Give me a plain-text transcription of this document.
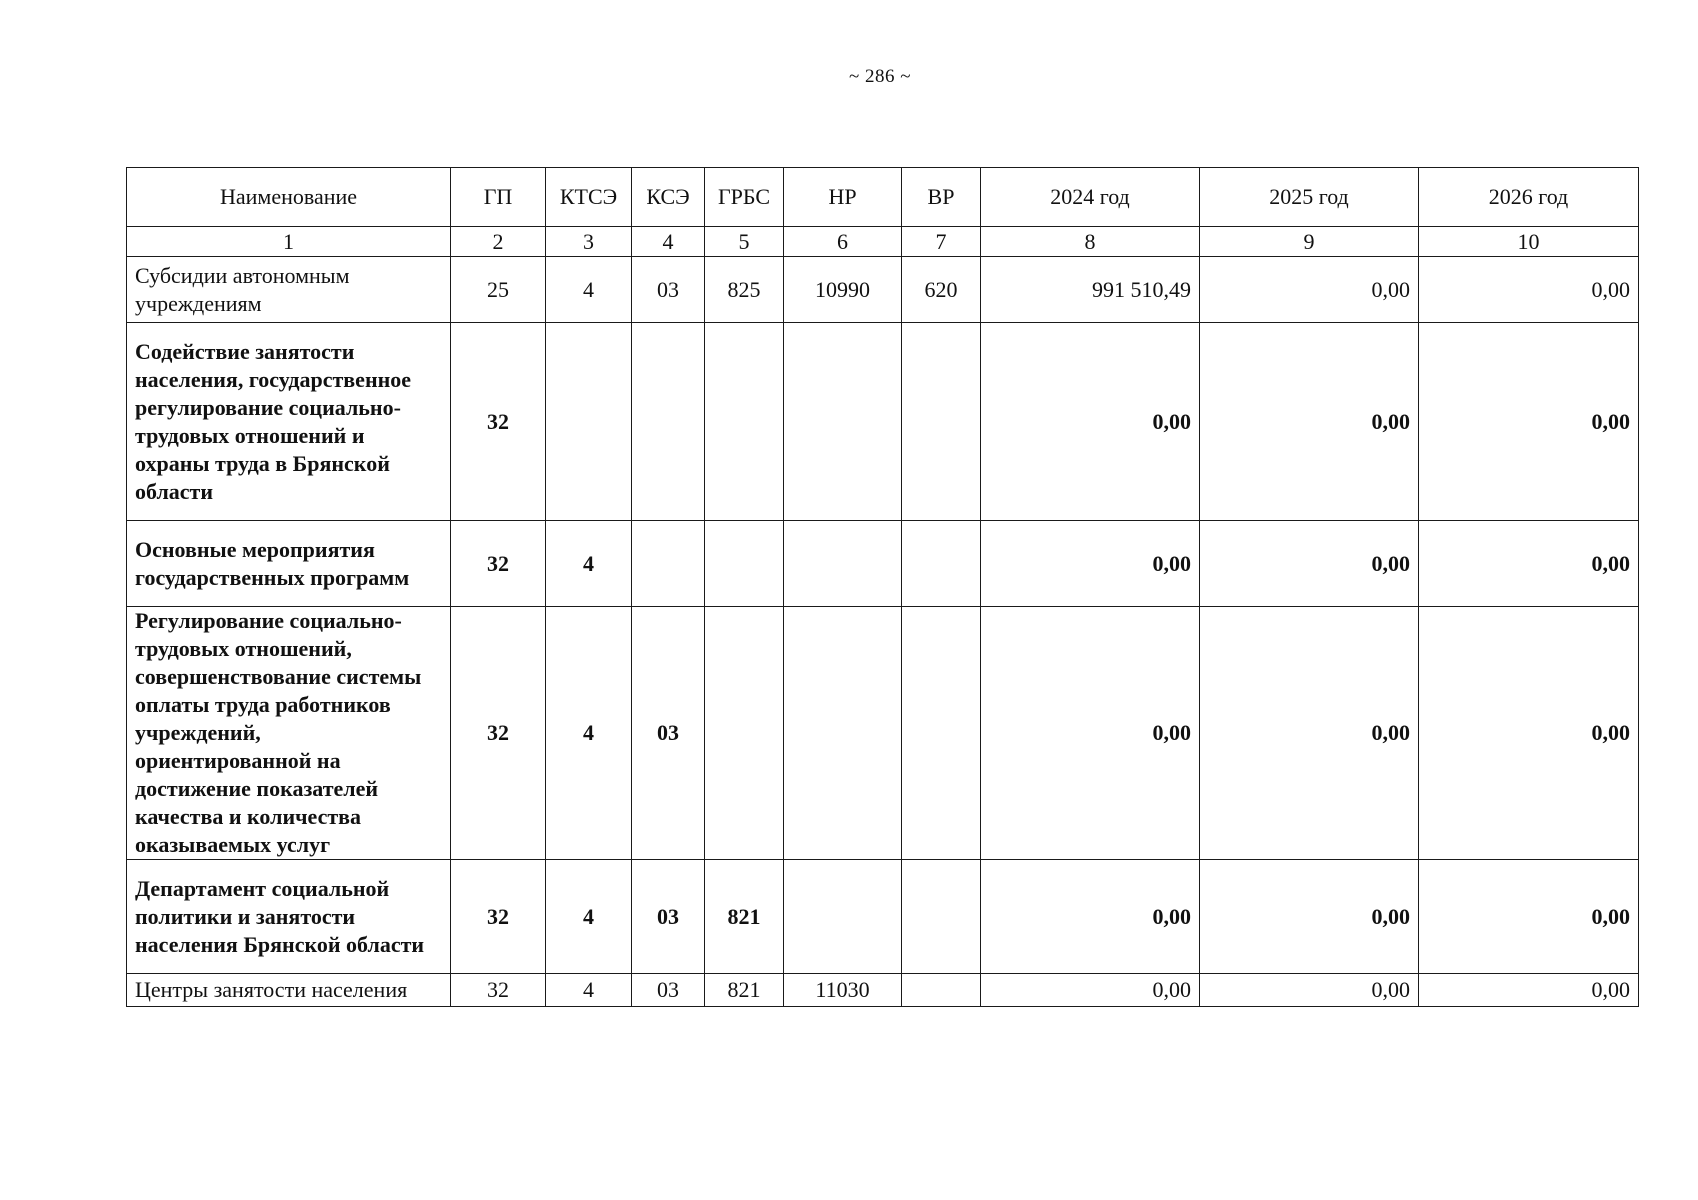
~ 286 ~
Наименование	ГП	КТСЭ	КСЭ	ГРБС	НР	ВР	2024 год	2025 год	2026 год
1	2	3	4	5	6	7	8	9	10
Субсидии автономным учреждениям	25	4	03	825	10990	620	991 510,49	0,00	0,00
Содействие занятости населения, государственное регулирование социально-трудовых отношений и охраны труда в Брянской области	32						0,00	0,00	0,00
Основные мероприятия государственных программ	32	4					0,00	0,00	0,00
Регулирование социально-трудовых отношений, совершенствование системы оплаты труда работников учреждений, ориентированной на достижение показателей качества и количества оказываемых услуг	32	4	03				0,00	0,00	0,00
Департамент социальной политики и занятости населения Брянской области	32	4	03	821			0,00	0,00	0,00
Центры занятости населения	32	4	03	821	11030		0,00	0,00	0,00
